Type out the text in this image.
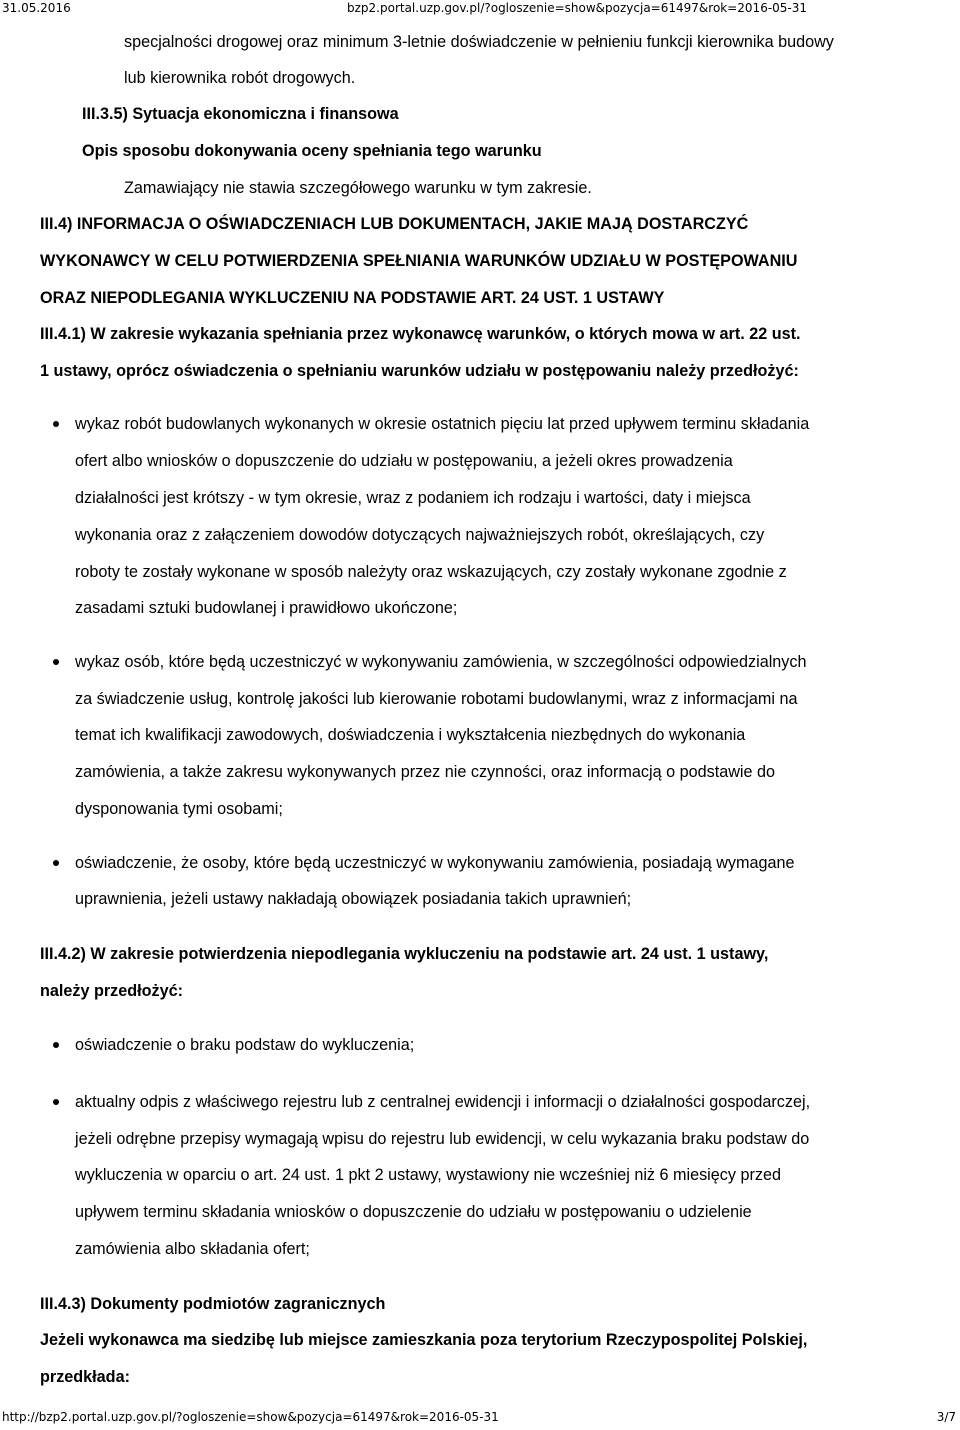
31.05.2016	bzp2.portal.uzp.gov.pl/?ogloszenie=show&pozycja=61497&rok=2016-05-31
specjalności drogowej oraz minimum 3-letnie doświadczenie w pełnieniu funkcji kierownika budowy
lub kierownika robót drogowych.
III.3.5) Sytuacja ekonomiczna i finansowa
Opis sposobu dokonywania oceny spełniania tego warunku
Zamawiający nie stawia szczegółowego warunku w tym zakresie.
III.4) INFORMACJA O OŚWIADCZENIACH LUB DOKUMENTACH, JAKIE MAJĄ DOSTARCZYĆ
WYKONAWCY W CELU POTWIERDZENIA SPEŁNIANIA WARUNKÓW UDZIAŁU W POSTĘPOWANIU
ORAZ NIEPODLEGANIA WYKLUCZENIU NA PODSTAWIE ART. 24 UST. 1 USTAWY
III.4.1) W zakresie wykazania spełniania przez wykonawcę warunków, o których mowa w art. 22 ust.
1 ustawy, oprócz oświadczenia o spełnianiu warunków udziału w postępowaniu należy przedłożyć:
wykaz robót budowlanych wykonanych w okresie ostatnich pięciu lat przed upływem terminu składania
ofert albo wniosków o dopuszczenie do udziału w postępowaniu, a jeżeli okres prowadzenia
działalności jest krótszy - w tym okresie, wraz z podaniem ich rodzaju i wartości, daty i miejsca
wykonania oraz z załączeniem dowodów dotyczących najważniejszych robót, określających, czy
roboty te zostały wykonane w sposób należyty oraz wskazujących, czy zostały wykonane zgodnie z
zasadami sztuki budowlanej i prawidłowo ukończone;
wykaz osób, które będą uczestniczyć w wykonywaniu zamówienia, w szczególności odpowiedzialnych
za świadczenie usług, kontrolę jakości lub kierowanie robotami budowlanymi, wraz z informacjami na
temat ich kwalifikacji zawodowych, doświadczenia i wykształcenia niezbędnych do wykonania
zamówienia, a także zakresu wykonywanych przez nie czynności, oraz informacją o podstawie do
dysponowania tymi osobami;
oświadczenie, że osoby, które będą uczestniczyć w wykonywaniu zamówienia, posiadają wymagane
uprawnienia, jeżeli ustawy nakładają obowiązek posiadania takich uprawnień;
III.4.2) W zakresie potwierdzenia niepodlegania wykluczeniu na podstawie art. 24 ust. 1 ustawy,
należy przedłożyć:
oświadczenie o braku podstaw do wykluczenia;
aktualny odpis z właściwego rejestru lub z centralnej ewidencji i informacji o działalności gospodarczej,
jeżeli odrębne przepisy wymagają wpisu do rejestru lub ewidencji, w celu wykazania braku podstaw do
wykluczenia w oparciu o art. 24 ust. 1 pkt 2 ustawy, wystawiony nie wcześniej niż 6 miesięcy przed
upływem terminu składania wniosków o dopuszczenie do udziału w postępowaniu o udzielenie
zamówienia albo składania ofert;
III.4.3) Dokumenty podmiotów zagranicznych
Jeżeli wykonawca ma siedzibę lub miejsce zamieszkania poza terytorium Rzeczypospolitej Polskiej,
przedkłada:
http://bzp2.portal.uzp.gov.pl/?ogloszenie=show&pozycja=61497&rok=2016-05-31	3/7
